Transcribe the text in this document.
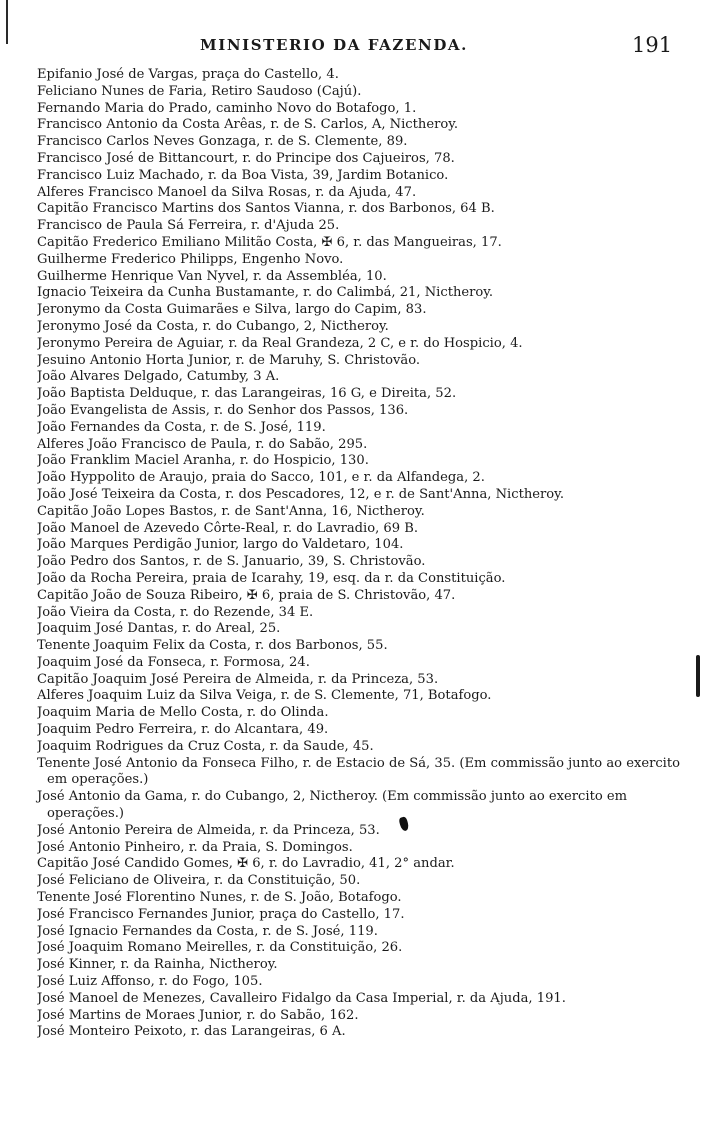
MINISTERIO DA FAZENDA.	191
Epifanio José de Vargas, praça do Castello, 4.
Feliciano Nunes de Faria, Retiro Saudoso (Cajú).
Fernando Maria do Prado, caminho Novo do Botafogo, 1.
Francisco Antonio da Costa Arêas, r. de S. Carlos, A, Nictheroy.
Francisco Carlos Neves Gonzaga, r. de S. Clemente, 89.
Francisco José de Bittancourt, r. do Principe dos Cajueiros, 78.
Francisco Luiz Machado, r. da Boa Vista, 39, Jardim Botanico.
Alferes Francisco Manoel da Silva Rosas, r. da Ajuda, 47.
Capitão Francisco Martins dos Santos Vianna, r. dos Barbonos, 64 B.
Francisco de Paula Sá Ferreira, r. d'Ajuda 25.
Capitão Frederico Emiliano Militão Costa, ✠ 6, r. das Mangueiras, 17.
Guilherme Frederico Philipps, Engenho Novo.
Guilherme Henrique Van Nyvel, r. da Assembléa, 10.
Ignacio Teixeira da Cunha Bustamante, r. do Calimbá, 21, Nictheroy.
Jeronymo da Costa Guimarães e Silva, largo do Capim, 83.
Jeronymo José da Costa, r. do Cubango, 2, Nictheroy.
Jeronymo Pereira de Aguiar, r. da Real Grandeza, 2 C, e r. do Hospicio, 4.
Jesuino Antonio Horta Junior, r. de Maruhy, S. Christovão.
João Alvares Delgado, Catumby, 3 A.
João Baptista Delduque, r. das Larangeiras, 16 G, e Direita, 52.
João Evangelista de Assis, r. do Senhor dos Passos, 136.
João Fernandes da Costa, r. de S. José, 119.
Alferes João Francisco de Paula, r. do Sabão, 295.
João Franklim Maciel Aranha, r. do Hospicio, 130.
João Hyppolito de Araujo, praia do Sacco, 101, e r. da Alfandega, 2.
João José Teixeira da Costa, r. dos Pescadores, 12, e r. de Sant'Anna, Nictheroy.
Capitão João Lopes Bastos, r. de Sant'Anna, 16, Nictheroy.
João Manoel de Azevedo Côrte-Real, r. do Lavradio, 69 B.
João Marques Perdigão Junior, largo do Valdetaro, 104.
João Pedro dos Santos, r. de S. Januario, 39, S. Christovão.
João da Rocha Pereira, praia de Icarahy, 19, esq. da r. da Constituição.
Capitão João de Souza Ribeiro, ✠ 6, praia de S. Christovão, 47.
João Vieira da Costa, r. do Rezende, 34 E.
Joaquim José Dantas, r. do Areal, 25.
Tenente Joaquim Felix da Costa, r. dos Barbonos, 55.
Joaquim José da Fonseca, r. Formosa, 24.
Capitão Joaquim José Pereira de Almeida, r. da Princeza, 53.
Alferes Joaquim Luiz da Silva Veiga, r. de S. Clemente, 71, Botafogo.
Joaquim Maria de Mello Costa, r. do Olinda.
Joaquim Pedro Ferreira, r. do Alcantara, 49.
Joaquim Rodrigues da Cruz Costa, r. da Saude, 45.
Tenente José Antonio da Fonseca Filho, r. de Estacio de Sá, 35. (Em commissão junto ao exercito em operações.)
José Antonio da Gama, r. do Cubango, 2, Nictheroy. (Em commissão junto ao exercito em operações.)
José Antonio Pereira de Almeida, r. da Princeza, 53.
José Antonio Pinheiro, r. da Praia, S. Domingos.
Capitão José Candido Gomes, ✠ 6, r. do Lavradio, 41, 2° andar.
José Feliciano de Oliveira, r. da Constituição, 50.
Tenente José Florentino Nunes, r. de S. João, Botafogo.
José Francisco Fernandes Junior, praça do Castello, 17.
José Ignacio Fernandes da Costa, r. de S. José, 119.
José Joaquim Romano Meirelles, r. da Constituição, 26.
José Kinner, r. da Rainha, Nictheroy.
José Luiz Affonso, r. do Fogo, 105.
José Manoel de Menezes, Cavalleiro Fidalgo da Casa Imperial, r. da Ajuda, 191.
José Martins de Moraes Junior, r. do Sabão, 162.
José Monteiro Peixoto, r. das Larangeiras, 6 A.
